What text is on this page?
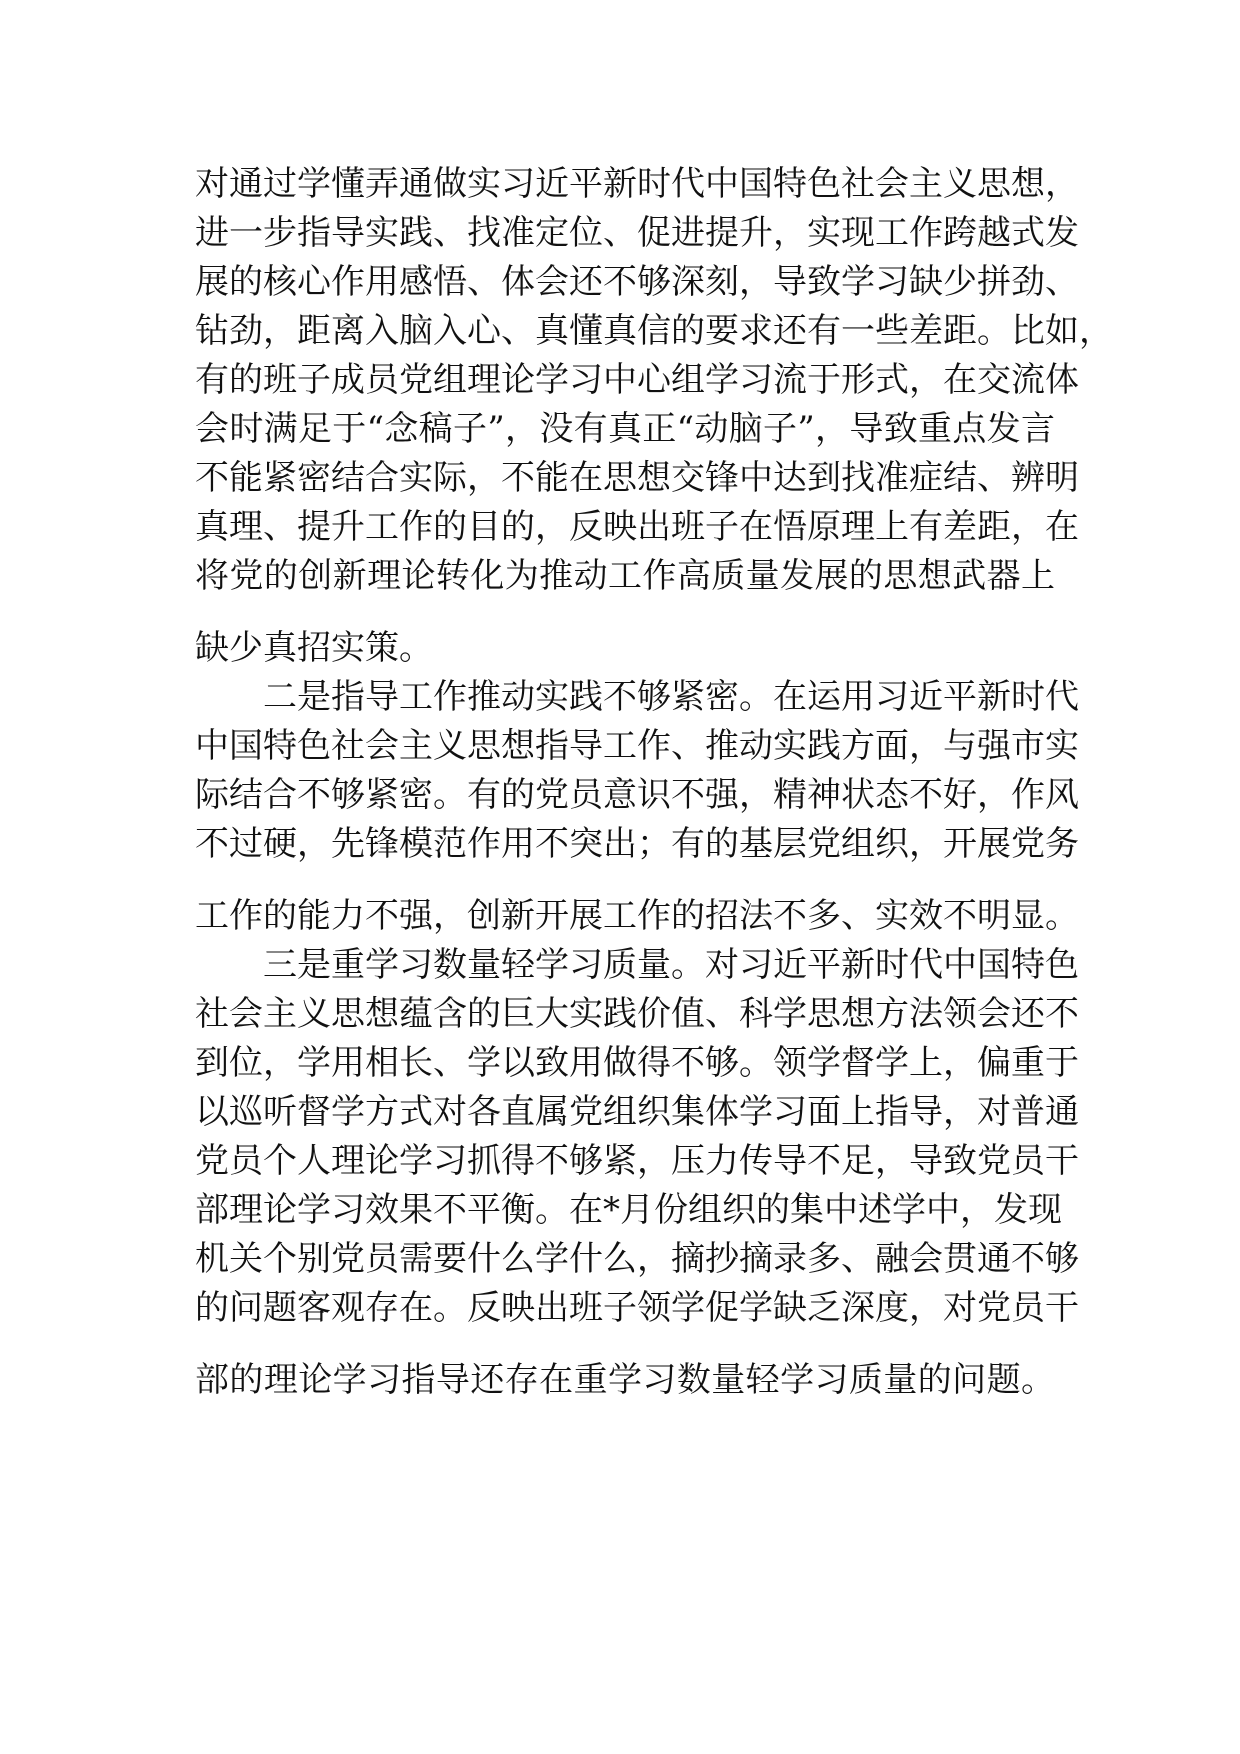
对通过学懂弄通做实习近平新时代中国特色社会主义思想，
进一步指导实践、找准定位、促进提升，实现工作跨越式发
展的核心作用感悟、体会还不够深刻，导致学习缺少拼劲、
钻劲，距离入脑入心、真懂真信的要求还有一些差距。比如，
有的班子成员党组理论学习中心组学习流于形式，在交流体
会时满足于“念稿子”，没有真正“动脑子”，导致重点发言
不能紧密结合实际，不能在思想交锋中达到找准症结、辨明
真理、提升工作的目的，反映出班子在悟原理上有差距，在
将党的创新理论转化为推动工作高质量发展的思想武器上
缺少真招实策。
二是指导工作推动实践不够紧密。在运用习近平新时代
中国特色社会主义思想指导工作、推动实践方面，与强市实
际结合不够紧密。有的党员意识不强，精神状态不好，作风
不过硬，先锋模范作用不突出；有的基层党组织，开展党务
工作的能力不强，创新开展工作的招法不多、实效不明显。
三是重学习数量轻学习质量。对习近平新时代中国特色
社会主义思想蕴含的巨大实践价值、科学思想方法领会还不
到位，学用相长、学以致用做得不够。领学督学上，偏重于
以巡听督学方式对各直属党组织集体学习面上指导，对普通
党员个人理论学习抓得不够紧，压力传导不足，导致党员干
部理论学习效果不平衡。在*月份组织的集中述学中，发现
机关个别党员需要什么学什么，摘抄摘录多、融会贯通不够
的问题客观存在。反映出班子领学促学缺乏深度，对党员干
部的理论学习指导还存在重学习数量轻学习质量的问题。
